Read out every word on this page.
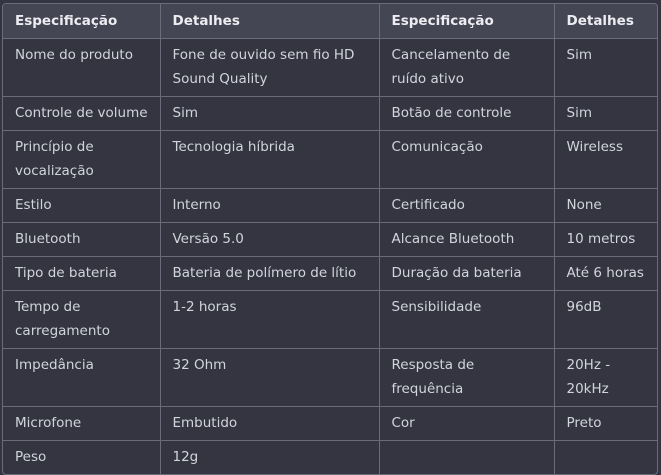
Especificação	Detalhes	Especificação	Detalhes
Nome do produto	Fone de ouvido sem fio HD Sound Quality	Cancelamento de ruído ativo	Sim
Controle de volume	Sim	Botão de controle	Sim
Princípio de vocalização	Tecnologia híbrida	Comunicação	Wireless
Estilo	Interno	Certificado	None
Bluetooth	Versão 5.0	Alcance Bluetooth	10 metros
Tipo de bateria	Bateria de polímero de lítio	Duração da bateria	Até 6 horas
Tempo de carregamento	1-2 horas	Sensibilidade	96dB
Impedância	32 Ohm	Resposta de frequência	20Hz - 20kHz
Microfone	Embutido	Cor	Preto
Peso	12g		
